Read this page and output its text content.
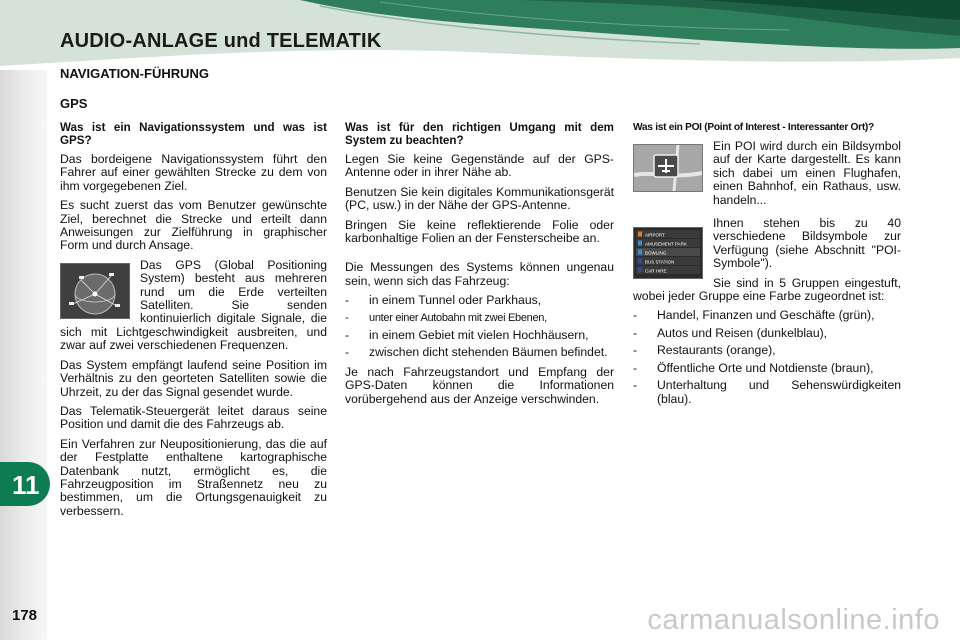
AUDIO-ANLAGE und TELEMATIK
NAVIGATION-FÜHRUNG
GPS
Was ist ein Navigationssystem und was ist GPS?

Das bordeigene Navigationssystem führt den Fahrer auf einer gewählten Strecke zu dem von ihm vorgegebenen Ziel.

Es sucht zuerst das vom Benutzer gewünschte Ziel, berechnet die Strecke und erteilt dann Anweisungen zur Zielführung in graphischer Form und durch Ansage.

Das GPS (Global Positioning System) besteht aus mehreren rund um die Erde verteilten Satelliten. Sie senden kontinuierlich digitale Signale, die sich mit Lichtgeschwindigkeit ausbreiten, und zwar auf zwei verschiedenen Frequenzen.

Das System empfängt laufend seine Position im Verhältnis zu den georteten Satelliten sowie die Uhrzeit, zu der das Signal gesendet wurde.

Das Telematik-Steuergerät leitet daraus seine Position und damit die des Fahrzeugs ab.

Ein Verfahren zur Neupositionierung, das die auf der Festplatte enthaltene kartographische Datenbank nutzt, ermöglicht es, die Fahrzeugposition im Straßennetz neu zu bestimmen, um die Ortungsgenauigkeit zu verbessern.

Was ist für den richtigen Umgang mit dem System zu beachten?

Legen Sie keine Gegenstände auf der GPS-Antenne oder in ihrer Nähe ab.

Benutzen Sie kein digitales Kommunikationsgerät (PC, usw.) in der Nähe der GPS-Antenne.

Bringen Sie keine reflektierende Folie oder karbonhaltige Folien an der Fensterscheibe an.

Die Messungen des Systems können ungenau sein, wenn sich das Fahrzeug:

- in einem Tunnel oder Parkhaus,
- unter einer Autobahn mit zwei Ebenen,
- in einem Gebiet mit vielen Hochhäusern,
- zwischen dicht stehenden Bäumen befindet.

Je nach Fahrzeugstandort und Empfang der GPS-Daten können die Informationen vorübergehend aus der Anzeige verschwinden.

Was ist ein POI (Point of Interest - Interessanter Ort)?

Ein POI wird durch ein Bildsymbol auf der Karte dargestellt. Es kann sich dabei um einen Flughafen, einen Bahnhof, ein Rathaus, usw. handeln...

AIRPORT
AMUSEMENT PARK
BOWLING
BUS STATION
CAR HIRE

Ihnen stehen bis zu 40 verschiedene Bildsymbole zur Verfügung (siehe Abschnitt "POI-Symbole").

Sie sind in 5 Gruppen eingestuft, wobei jeder Gruppe eine Farbe zugeordnet ist:

- Handel, Finanzen und Geschäfte (grün),
- Autos und Reisen (dunkelblau),
- Restaurants (orange),
- Öffentliche Orte und Notdienste (braun),
- Unterhaltung und Sehenswürdigkeiten (blau).
11
178	carmanualsonline.info
